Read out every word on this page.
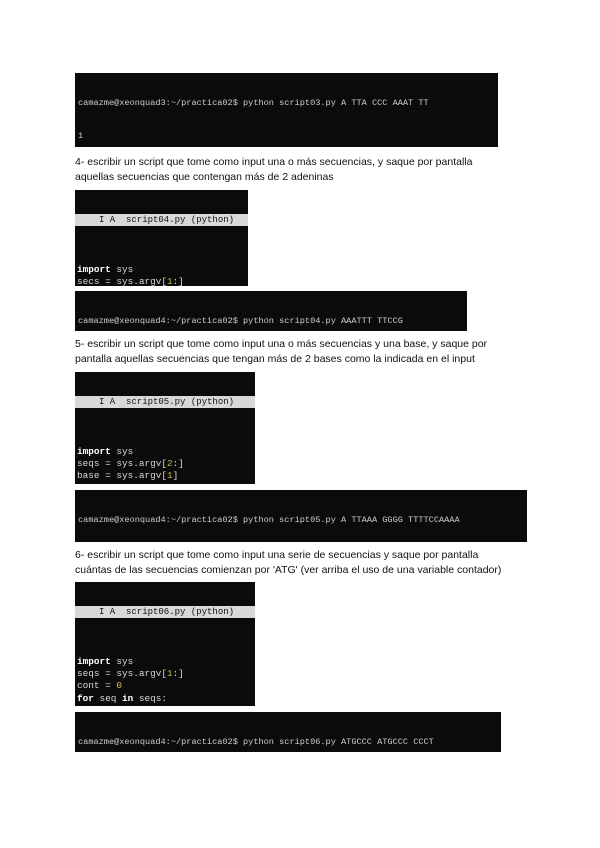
camazme@xeonquad3:~/practica02$ python script03.py A TTA CCC AAAT TT

1

4- escribir un script que tome como input una o más secuencias, y saque por pantalla
aquellas secuencias que contengan más de 2 adeninas

I A  script04.py (python)

import sys
secs = sys.argv[1:]

camazme@xeonquad4:~/practica02$ python script04.py AAATTT TTCCG

5- escribir un script que tome como input una o más secuencias y una base, y saque por
pantalla aquellas secuencias que tengan más de 2 bases como la indicada en el input

I A  script05.py (python)

import sys
seqs = sys.argv[2:]
base = sys.argv[1]

camazme@xeonquad4:~/practica02$ python script05.py A TTAAA GGGG TTTTCCAAAA

6- escribir un script que tome como input una serie de secuencias y saque por pantalla
cuántas de las secuencias comienzan por 'ATG' (ver arriba el uso de una variable contador)

I A  script06.py (python)

import sys
seqs = sys.argv[1:]
cont = 0
for seq in seqs:

camazme@xeonquad4:~/practica02$ python script06.py ATGCCC ATGCCC CCCT
